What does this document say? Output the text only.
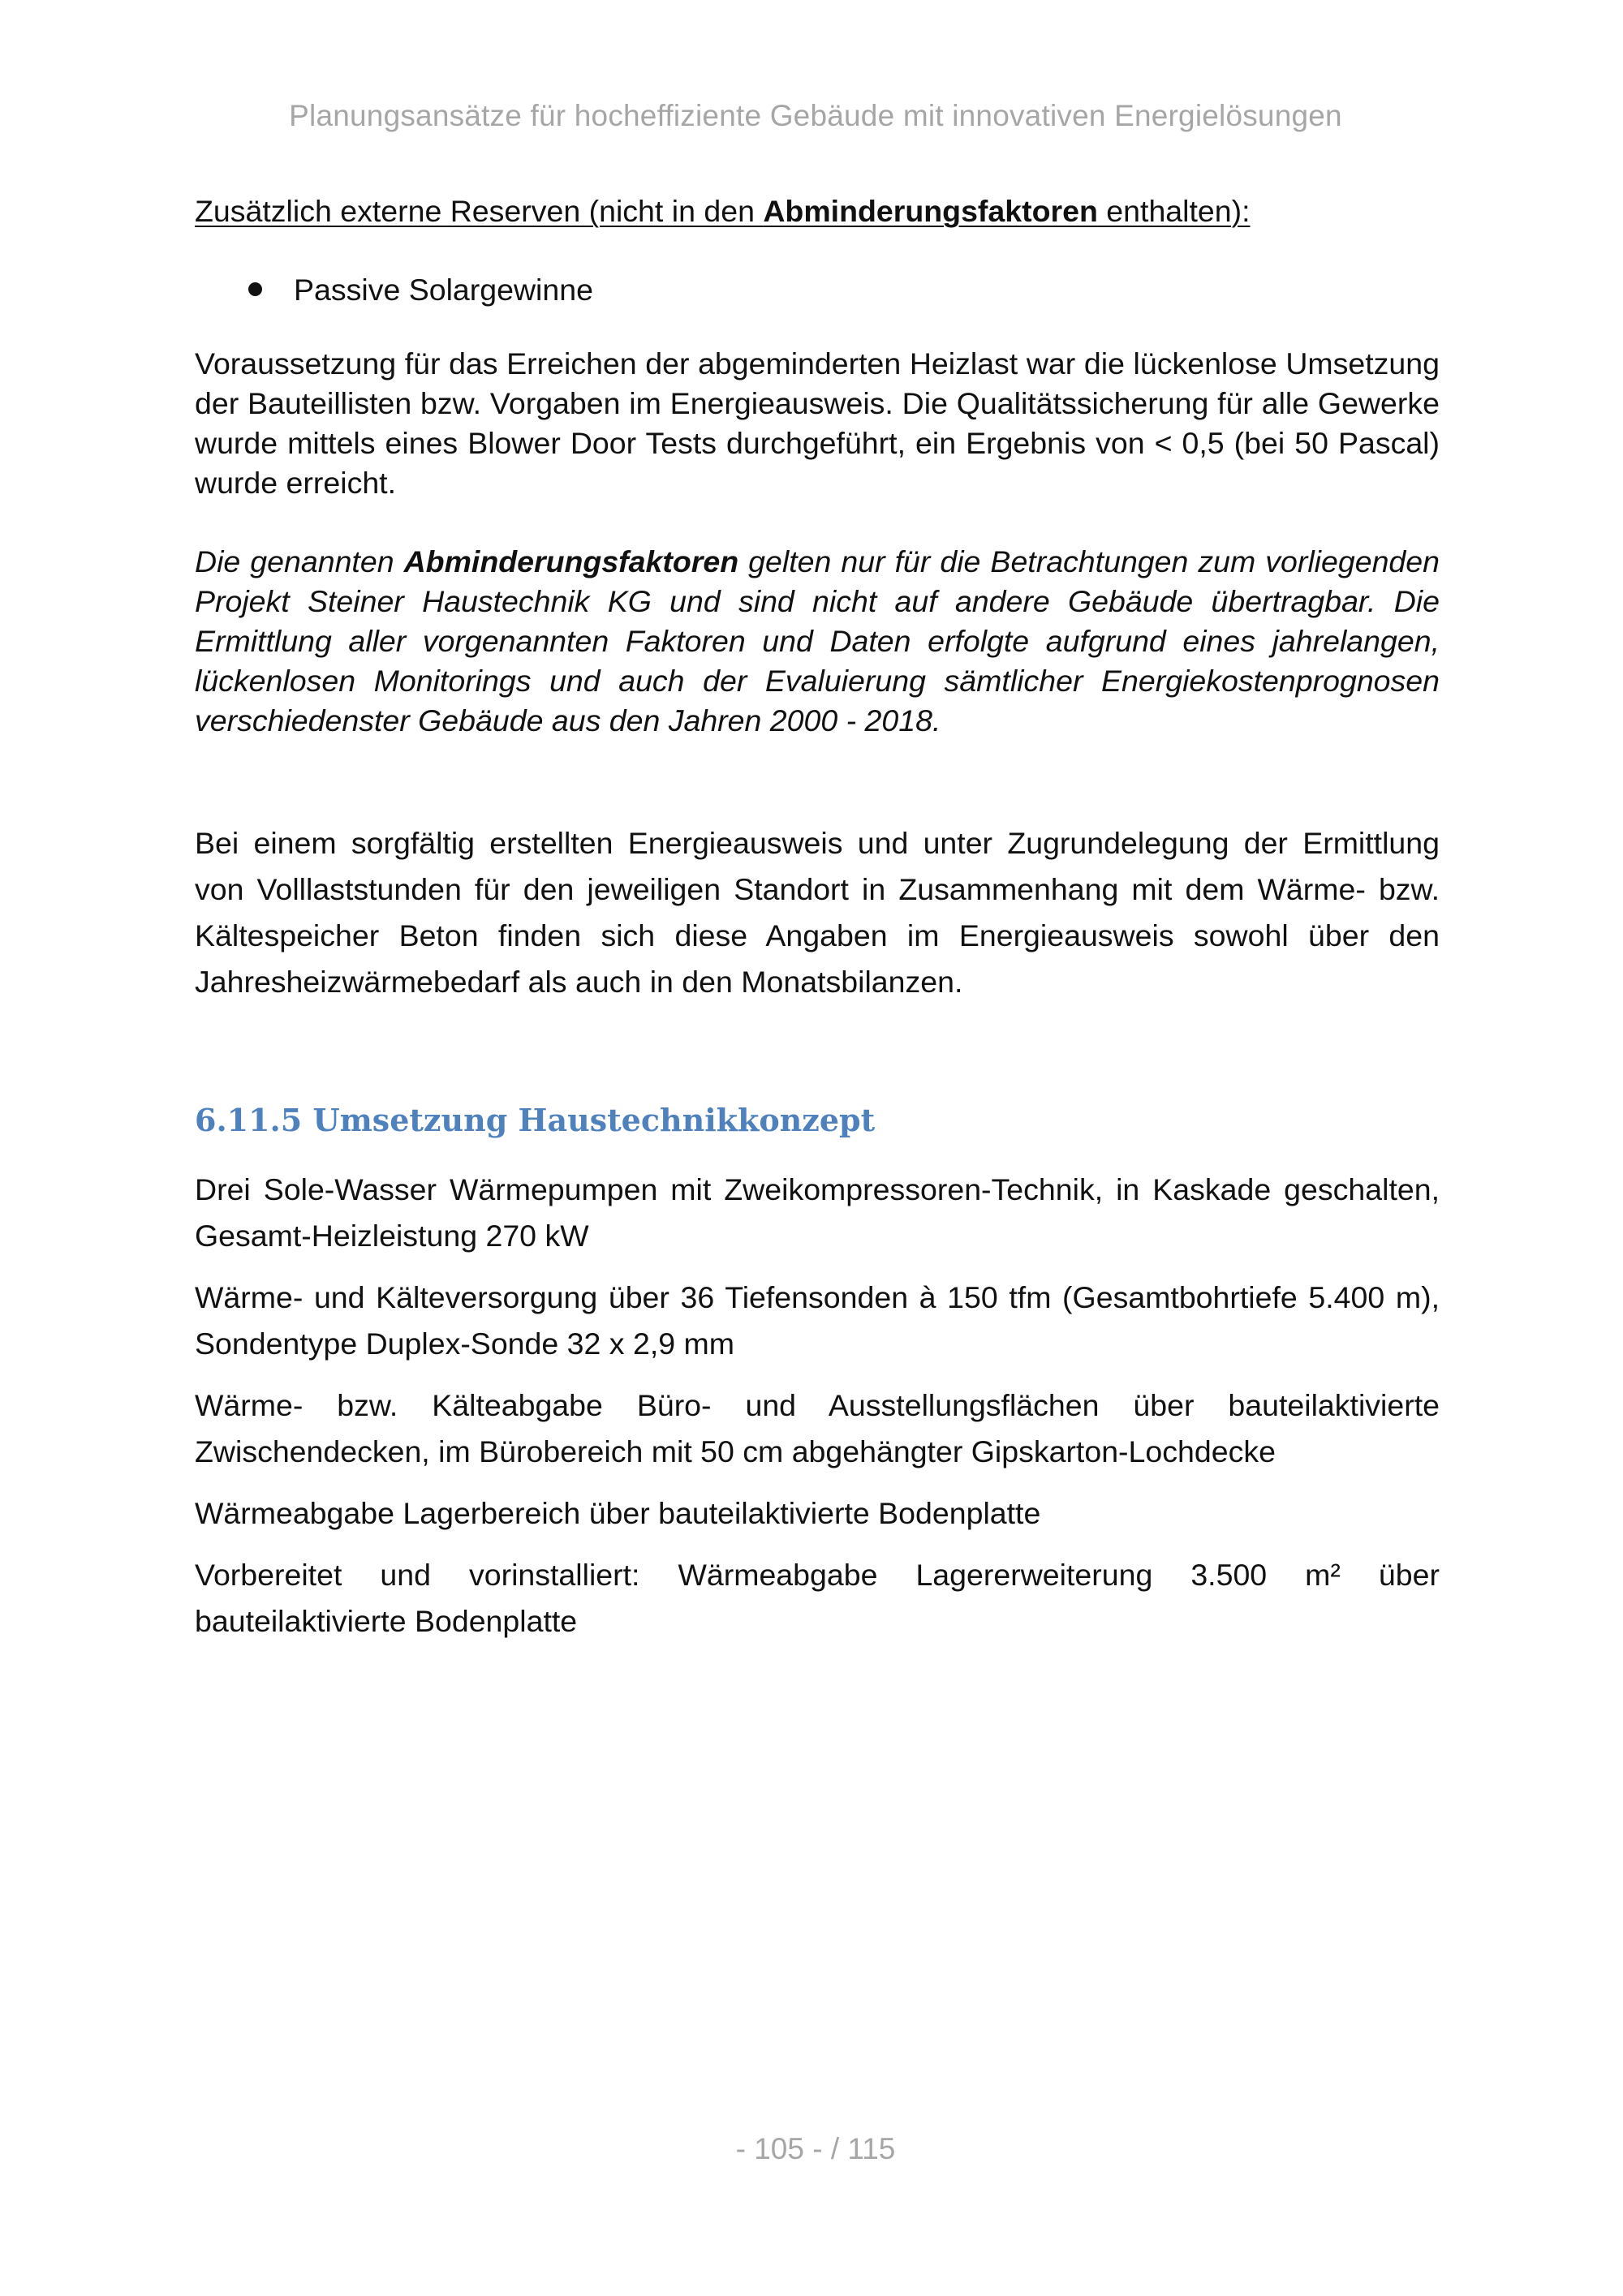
Planungsansätze für hocheffiziente Gebäude mit innovativen Energielösungen

Zusätzlich externe Reserven (nicht in den Abminderungsfaktoren enthalten):

Passive Solargewinne

Voraussetzung für das Erreichen der abgeminderten Heizlast war die lückenlose Umsetzung der Bauteillisten bzw. Vorgaben im Energieausweis. Die Qualitätssicherung für alle Gewerke wurde mittels eines Blower Door Tests durchgeführt, ein Ergebnis von < 0,5 (bei 50 Pascal) wurde erreicht.

Die genannten Abminderungsfaktoren gelten nur für die Betrachtungen zum vorliegenden Projekt Steiner Haustechnik KG und sind nicht auf andere Gebäude übertragbar. Die Ermittlung aller vorgenannten Faktoren und Daten erfolgte aufgrund eines jahrelangen, lückenlosen Monitorings und auch der Evaluierung sämtlicher Energiekostenprognosen verschiedenster Gebäude aus den Jahren 2000 - 2018.

Bei einem sorgfältig erstellten Energieausweis und unter Zugrundelegung der Ermittlung von Volllaststunden für den jeweiligen Standort in Zusammenhang mit dem Wärme- bzw. Kältespeicher Beton finden sich diese Angaben im Energieausweis sowohl über den Jahresheizwärmebedarf als auch in den Monatsbilanzen.

6.11.5 Umsetzung Haustechnikkonzept

Drei Sole-Wasser Wärmepumpen mit Zweikompressoren-Technik, in Kaskade geschalten, Gesamt-Heizleistung 270 kW

Wärme- und Kälteversorgung über 36 Tiefensonden à 150 tfm (Gesamtbohrtiefe 5.400 m), Sondentype Duplex-Sonde 32 x 2,9 mm

Wärme- bzw. Kälteabgabe Büro- und Ausstellungsflächen über bauteilaktivierte Zwischendecken, im Bürobereich mit 50 cm abgehängter Gipskarton-Lochdecke

Wärmeabgabe Lagerbereich über bauteilaktivierte Bodenplatte

Vorbereitet und vorinstalliert: Wärmeabgabe Lagererweiterung 3.500 m² über bauteilaktivierte Bodenplatte

- 105 - / 115
